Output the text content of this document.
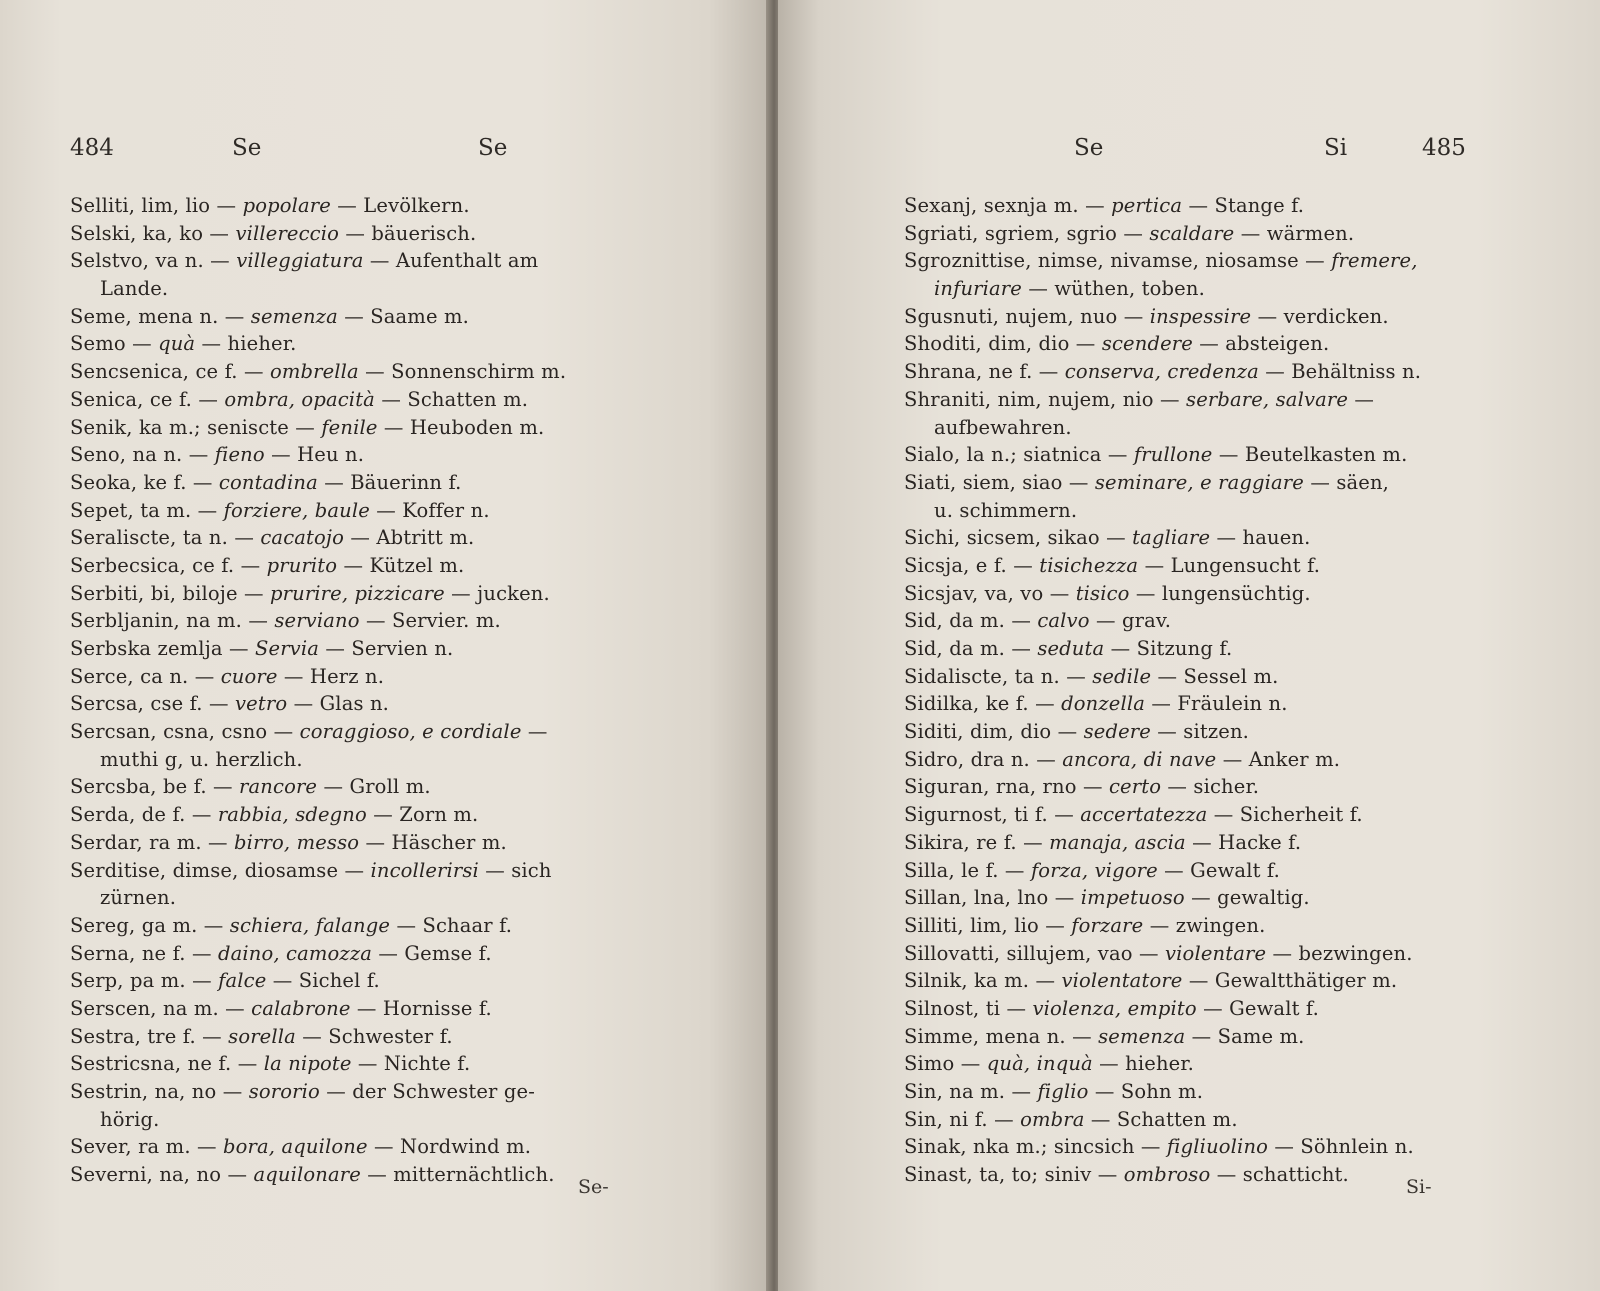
484	Se	Se
Selliti, lim, lio — popolare — Levölkern.
Selski, ka, ko — villereccio — bäuerisch.
Selstvo, va n. — villeggiatura — Aufenthalt am
Lande.
Seme, mena n. — semenza — Saame m.
Semo — quà — hieher.
Sencsenica, ce f. — ombrella — Sonnenschirm m.
Senica, ce f. — ombra, opacità — Schatten m.
Senik, ka m.; seniscte — fenile — Heuboden m.
Seno, na n. — fieno — Heu n.
Seoka, ke f. — contadina — Bäuerinn f.
Sepet, ta m. — forziere, baule — Koffer n.
Seraliscte, ta n. — cacatojo — Abtritt m.
Serbecsica, ce f. — prurito — Kützel m.
Serbiti, bi, biloje — prurire, pizzicare — jucken.
Serbljanin, na m. — serviano — Servier. m.
Serbska zemlja — Servia — Servien n.
Serce, ca n. — cuore — Herz n.
Sercsa, cse f. — vetro — Glas n.
Sercsan, csna, csno — coraggioso, e cordiale —
muthi g, u. herzlich.
Sercsba, be f. — rancore — Groll m.
Serda, de f. — rabbia, sdegno — Zorn m.
Serdar, ra m. — birro, messo — Häscher m.
Serditise, dimse, diosamse — incollerirsi — sich
zürnen.
Sereg, ga m. — schiera, falange — Schaar f.
Serna, ne f. — daino, camozza — Gemse f.
Serp, pa m. — falce — Sichel f.
Serscen, na m. — calabrone — Hornisse f.
Sestra, tre f. — sorella — Schwester f.
Sestricsna, ne f. — la nipote — Nichte f.
Sestrin, na, no — sororio — der Schwester ge-
hörig.
Sever, ra m. — bora, aquilone — Nordwind m.
Severni, na, no — aquilonare — mitternächtlich.
Se-
Se	Si	485
Sexanj, sexnja m. — pertica — Stange f.
Sgriati, sgriem, sgrio — scaldare — wärmen.
Sgroznittise, nimse, nivamse, niosamse — fremere,
infuriare — wüthen, toben.
Sgusnuti, nujem, nuo — inspessire — verdicken.
Shoditi, dim, dio — scendere — absteigen.
Shrana, ne f. — conserva, credenza — Behältniss n.
Shraniti, nim, nujem, nio — serbare, salvare —
aufbewahren.
Sialo, la n.; siatnica — frullone — Beutelkasten m.
Siati, siem, siao — seminare, e raggiare — säen,
u. schimmern.
Sichi, sicsem, sikao — tagliare — hauen.
Sicsja, e f. — tisichezza — Lungensucht f.
Sicsjav, va, vo — tisico — lungensüchtig.
Sid, da m. — calvo — grav.
Sid, da m. — seduta — Sitzung f.
Sidaliscte, ta n. — sedile — Sessel m.
Sidilka, ke f. — donzella — Fräulein n.
Siditi, dim, dio — sedere — sitzen.
Sidro, dra n. — ancora, di nave — Anker m.
Siguran, rna, rno — certo — sicher.
Sigurnost, ti f. — accertatezza — Sicherheit f.
Sikira, re f. — manaja, ascia — Hacke f.
Silla, le f. — forza, vigore — Gewalt f.
Sillan, lna, lno — impetuoso — gewaltig.
Silliti, lim, lio — forzare — zwingen.
Sillovatti, sillujem, vao — violentare — bezwingen.
Silnik, ka m. — violentatore — Gewaltthätiger m.
Silnost, ti — violenza, empito — Gewalt f.
Simme, mena n. — semenza — Same m.
Simo — quà, inquà — hieher.
Sin, na m. — figlio — Sohn m.
Sin, ni f. — ombra — Schatten m.
Sinak, nka m.; sincsich — figliuolino — Söhnlein n.
Sinast, ta, to; siniv — ombroso — schatticht.
Si-
